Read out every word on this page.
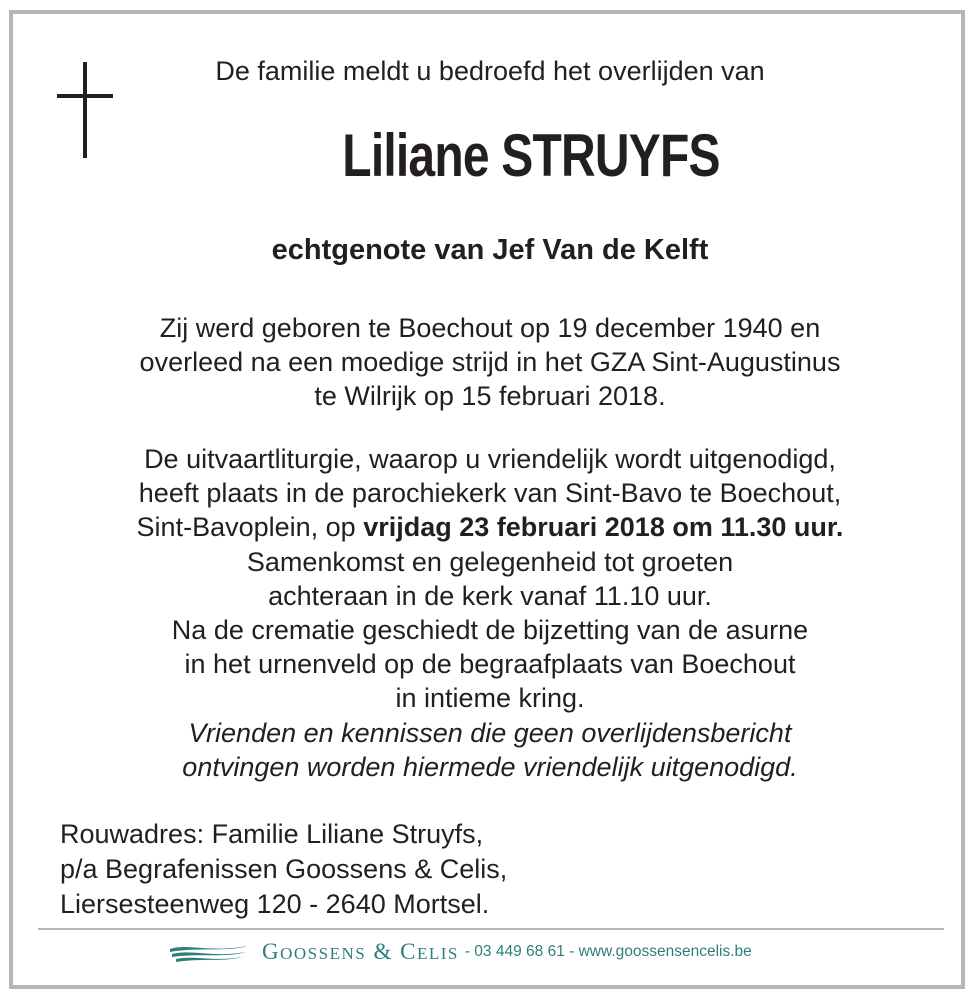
De familie meldt u bedroefd het overlijden van
Liliane STRUYFS
echtgenote van Jef Van de Kelft
Zij werd geboren te Boechout op 19 december 1940 en
overleed na een moedige strijd in het GZA Sint-Augustinus
te Wilrijk op 15 februari 2018.
De uitvaartliturgie, waarop u vriendelijk wordt uitgenodigd,
heeft plaats in de parochiekerk van Sint-Bavo te Boechout,
Sint-Bavoplein, op vrijdag 23 februari 2018 om 11.30 uur.
Samenkomst en gelegenheid tot groeten
achteraan in de kerk vanaf 11.10 uur.
Na de crematie geschiedt de bijzetting van de asurne
in het urnenveld op de begraafplaats van Boechout
in intieme kring.
Vrienden en kennissen die geen overlijdensbericht
ontvingen worden hiermede vriendelijk uitgenodigd.
Rouwadres: Familie Liliane Struyfs,
p/a Begrafenissen Goossens & Celis,
Liersesteenweg 120 - 2640 Mortsel.
GOOSSENS & CELIS - 03 449 68 61 - www.goossensencelis.be
